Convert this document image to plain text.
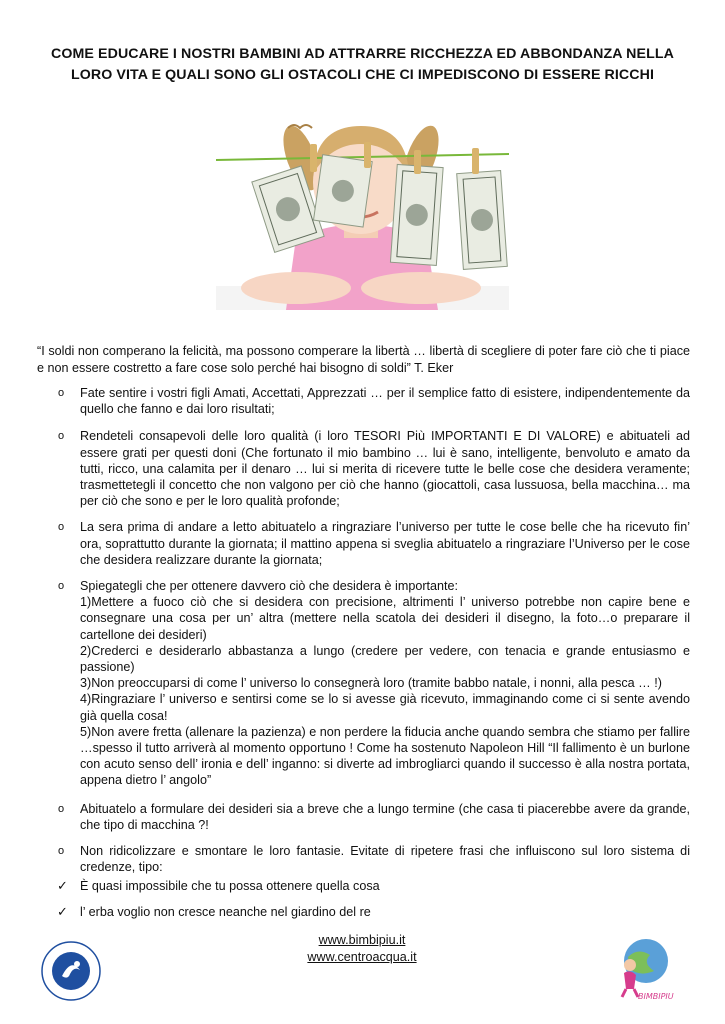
COME EDUCARE I NOSTRI BAMBINI AD ATTRARRE RICCHEZZA ED ABBONDANZA NELLA
LORO VITA E QUALI SONO GLI OSTACOLI CHE CI IMPEDISCONO DI ESSERE RICCHI
“I soldi non comperano la felicità, ma possono comperare la libertà … libertà di scegliere di poter fare ciò che ti piace e non essere costretto a fare cose solo perché hai bisogno di soldi” T. Eker
o Fate sentire i vostri figli Amati, Accettati, Apprezzati … per il semplice fatto di esistere, indipendentemente da quello che fanno e dai loro risultati;
o Rendeteli consapevoli delle loro qualità (i loro TESORI Più IMPORTANTI E DI VALORE) e abituateli ad essere grati per questi doni (Che fortunato il mio bambino … lui è sano, intelligente, benvoluto e amato da tutti, ricco, una calamita per il denaro … lui si merita di ricevere tutte le belle cose che desidera veramente; trasmettetegli il concetto che non valgono per ciò che hanno (giocattoli, casa lussuosa, bella macchina… ma per ciò che sono e per le loro qualità profonde;
o La sera prima di andare a letto abituatelo a ringraziare l’universo per tutte le cose belle che ha ricevuto fin’ ora, soprattutto durante la giornata; il mattino appena si sveglia abituatelo a ringraziare l’Universo per le cose che desidera realizzare durante la giornata;
o Spiegategli che per ottenere davvero ciò che desidera è importante:
1)Mettere a fuoco ciò che si desidera con precisione, altrimenti l’ universo potrebbe non capire bene e consegnare una cosa per un’ altra (mettere nella scatola dei desideri il disegno, la foto…o preparare il cartellone dei desideri)
2)Crederci e desiderarlo abbastanza a lungo (credere per vedere, con tenacia e grande entusiasmo e passione)
3)Non preoccuparsi di come l’ universo lo consegnerà loro (tramite babbo natale, i nonni, alla pesca … !)
4)Ringraziare l’ universo e sentirsi come se lo si avesse già ricevuto, immaginando come ci si sente avendo già quella cosa!
5)Non avere fretta (allenare la pazienza) e non perdere la fiducia anche quando sembra che stiamo per fallire …spesso il tutto arriverà al momento opportuno ! Come ha sostenuto Napoleon Hill “Il fallimento è un burlone con acuto senso dell’ ironia e dell’ inganno: si diverte ad imbrogliarci quando il successo è alla nostra portata, appena dietro l’ angolo”
o Abituatelo a formulare dei desideri sia a breve che a lungo termine (che casa ti piacerebbe avere da grande, che tipo di macchina ?!
o Non ridicolizzare e smontare le loro fantasie. Evitate di ripetere frasi che influiscono sul loro sistema di credenze, tipo:
✓ È quasi impossibile che tu possa ottenere quella cosa
✓ l’ erba voglio non cresce neanche nel giardino del re
www.bimbipiu.it
www.centroacqua.it
BIMBIPIU
